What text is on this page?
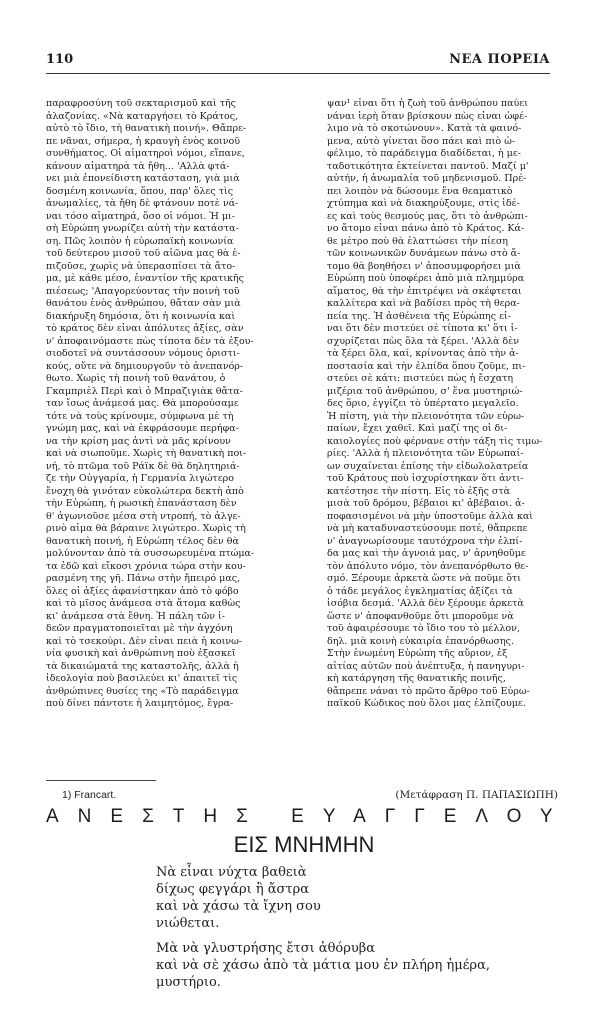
110	ΝΕΑ ΠΟΡΕΙΑ
παραφροσύνη τοῦ σεκταρισμοῦ καὶ τῆς
ἀλαζονίας. «Νὰ καταργήσει τὸ Κράτος,
αὐτὸ τὸ ἴδιο, τὴ θανατικὴ ποινή». Θἄπρε-
πε νᾶναι, σήμερα, ἡ κραυγὴ ἑνὸς κοινοῦ
συνθήματος. Οἱ αἱματηροὶ νόμοι, εἴπανε,
κάνουν αἱματηρὰ τὰ ἤθη... 'Αλλὰ φτά-
νει μιὰ ἐπονείδιστη κατάσταση, γιὰ μιὰ
δοσμένη κοινωνία, ὅπου, παρ' ὅλες τὶς
ἀνωμαλίες, τὰ ἤθη δὲ φτάνουν ποτὲ νά-
ναι τόσο αἱματηρά, ὅσο οἱ νόμοι. Ἡ μι-
σὴ Εὐρώπη γνωρίζει αὐτὴ τὴν κατάστα-
ση. Πῶς λοιπὸν ἡ εὐρωπαϊκὴ κοινωνία
τοῦ δεύτερου μισοῦ τοῦ αἰῶνα μας θὰ ἐ-
πιζοῦσε, χωρὶς νὰ ὑπερασπίσει τὰ ἄτο-
μα, μὲ κάθε μέσο, ἐναντίον τῆς κρατικῆς
πιέσεως; 'Απαγορεύοντας τὴν ποινὴ τοῦ
θανάτου ἑνὸς ἀνθρώπου, θἄταν σὰν μιὰ
διακήρυξη δημόσια, ὅτι ἡ κοινωνία καὶ
τὸ κράτος δὲν εἶναι ἀπόλυτες ἀξίες, σὰν
ν' ἀποφαινόμαστε πὼς τίποτα δὲν τὰ ἐξου-
σιοδοτεῖ νὰ συντάσσουν νόμους ὁριστι-
κούς, οὔτε νὰ δημιουργοῦν τὸ ἀνεπανόρ-
θωτο. Χωρὶς τὴ ποινὴ τοῦ θανάτου, ὁ
Γκαμπριὲλ Περὶ καὶ ὁ Μπραζιγιὰκ θἄτα-
ταν ἴσως ἀνάμεσά μας. Θὰ μπορούσαμε
τότε νὰ τοὺς κρίνουμε, σύμφωνα μὲ τὴ
γνώμη μας, καὶ νὰ ἐκφράσουμε περήφα-
να τὴν κρίση μας ἀντὶ νὰ μᾶς κρίνουν
καὶ νὰ σιωποῦμε. Χωρὶς τὴ θανατικὴ ποι-
νή, τὸ πτῶμα τοῦ Ράϊκ δὲ θὰ δηλητηριά-
ζε τὴν Οὐγγαρία, ἡ Γερμανία λιγώτερο
ἔνοχη θὰ γινόταν εὐκολώτερα δεκτὴ ἀπὸ
τὴν Εὐρώπη, ἡ ρωσικὴ ἐπανάσταση δὲν
θ' ἀγωνιοῦσε μέσα στὴ ντροπή, τὸ ἀλγε-
ρινὸ αἷμα θὰ βάραινε λιγώτερο. Χωρὶς τὴ
θανατικὴ ποινή, ἡ Εὐρώπη τέλος δὲν θὰ
μολύνονταν ἀπὸ τὰ συσσωρευμένα πτώμα-
τα ἐδῶ καὶ εἴκοσι χρόνια τώρα στὴν κου-
ρασμένη της γῆ. Πάνω στὴν ἤπειρό μας,
ὅλες οἱ ἀξίες ἀφανίστηκαν ἀπὸ τὸ φόβο
καὶ τὸ μῖσος ἀνάμεσα στὰ ἄτομα καθὼς
κι' ἀνάμεσα στὰ ἔθνη. Ἡ πάλη τῶν ἰ-
δεῶν πραγματοποιεῖται μὲ τὴν ἀγχόνη
καὶ τὸ τσεκούρι. Δὲν εἶναι πειὰ ἡ κοινω-
νία φυσικὴ καὶ ἀνθρώπινη ποὺ ἐξασκεῖ
τὰ δικαιώματά της καταστολῆς, ἀλλὰ ἡ
ἰδεολογία ποὺ βασιλεύει κι' ἀπαιτεῖ τὶς
ἀνθρώπινες θυσίες της «Τὸ παράδειγμα
ποὺ δίνει πάντοτε ἡ λαιμητόμος, ἔγρα-
ψαν¹ εἶναι ὅτι ἡ ζωὴ τοῦ ἀνθρώπου παύει
νάναι ἱερὴ ὅταν βρίσκουν πὼς εἶναι ὠφέ-
λιμο νὰ τὸ σκοτώνουν». Κατὰ τὰ φαινό-
μενα, αὐτὸ γίνεται ὅσο πάει καὶ πιὸ ὠ-
φέλιμο, τὸ παράδειγμα διαδίδεται, ἡ με-
ταδοτικότητα ἐκτείνεται παντοῦ. Μαζί μ'
αὐτήν, ἡ ἀνωμαλία τοῦ μηδενισμοῦ. Πρέ-
πει λοιπὸν νὰ δώσουμε ἕνα θεαματικὸ
χτύπημα καὶ νὰ διακηρύξουμε, στὶς ἰδέ-
ες καὶ τοὺς θεσμούς μας, ὅτι τὸ ἀνθρώπι-
νο ἄτομο εἶναι πάνω ἀπὸ τὸ Κράτος. Κά-
θε μέτρο ποὺ θὰ ἐλαττώσει τὴν πίεση
τῶν κοινωνικῶν δυνάμεων πάνω στὸ ἄ-
τομο θὰ βοηθήσει ν' ἀποσυμφορήσει μιὰ
Εὐρώπη ποὺ ὑποφέρει ἀπὸ μιὰ πλημμύρα
αἵματος, θὰ τὴν ἐπιτρέψει νὰ σκέφτεται
καλλίτερα καὶ νὰ βαδίσει πρὸς τὴ θερα-
πεία της. Ἡ ἀσθένεια τῆς Εὐρώπης εἶ-
ναι ὅτι δὲν πιστεύει σὲ τίποτα κι' ὅτι ἰ-
σχυρίζεται πὼς ὅλα τὰ ξέρει. 'Αλλὰ δὲν
τὰ ξέρει ὅλα, καί, κρίνοντας ἀπὸ τὴν ἀ-
ποστασία καὶ τὴν ἐλπίδα ὅπου ζοῦμε, πι-
στεύει σὲ κάτι: πιστεύει πὼς ἡ ἔσχατη
μιζέρια τοῦ ἀνθρώπου, σ' ἕνα μυστηριώ-
δες ὅριο, ἐγγίζει τὸ ὑπέρτατο μεγαλεῖο.
Ἡ πίστη, γιὰ τὴν πλειονότητα τῶν εὐρω-
παίων, ἔχει χαθεῖ. Καὶ μαζί της οἱ δι-
καιολογίες ποὺ φέρνανε στὴν τάξη τὶς τιμω-
ρίες. 'Αλλὰ ἡ πλειονότητα τῶν Εὐρωπαί-
ων συχαίνεται ἐπίσης τὴν εἰδωλολατρεία
τοῦ Κράτους ποὺ ἰσχυρίστηκαν ὅτι ἀντι-
κατέστησε τὴν πίστη. Εἶς τὸ ἑξῆς στὰ
μισὰ τοῦ δρόμου, βέβαιοι κι' ἀβέβαιοι. ἀ-
ποφασισμένοι νὰ μὴν ὑποστοῦμε ἀλλὰ καὶ
νὰ μὴ καταδυναστεύσουμε ποτέ, θἄπρεπε
ν' ἀναγνωρίσουμε ταυτόχρονα τὴν ἐλπί-
δα μας καὶ τὴν ἀγνοιά μας, ν' ἀρνηθοῦμε
τὸν ἀπόλυτο νόμο, τὸν ἀνεπανόρθωτο θε-
σμό. Ξέρουμε ἀρκετὰ ὥστε νὰ ποῦμε ὅτι
ὁ τάδε μεγάλος ἐγκληματίας ἀξίζει τὰ
ἰσόβια δεσμά. 'Αλλὰ δὲν ξέρουμε ἀρκετὰ
ὥστε ν' ἀποφανθοῦμε ὅτι μποροῦμε νὰ
τοῦ ἀφαιρέσουμε τὸ ἴδιο του τὸ μέλλον,
δηλ. μιὰ κοινὴ εὐκαιρία ἐπανόρθωσης.
Στὴν ἑνωμένη Εὐρώπη τῆς αὔριον, ἐξ
αἰτίας αὐτῶν ποὺ ἀνέπτυξα, ἡ πανηγυρι-
κὴ κατάργηση τῆς θανατικῆς ποινῆς,
θἄπρεπε νάναι τὸ πρῶτο ἄρθρο τοῦ Εὐρω-
παϊκοῦ Κώδικος ποὺ ὅλοι μας ἐλπίζουμε.
1) Francart.	(Μετάφραση Π. ΠΑΠΑΣΙΩΠΗ)
ΑΝΕΣΤΗΣ ΕΥΑΓΓΕΛΟΥ
ΕΙΣ ΜΝΗΜΗΝ
Νὰ εἶναι νύχτα βαθειὰ
δίχως φεγγάρι ἢ ἄστρα
καὶ νὰ χάσω τὰ ἴχνη σου
νιώθεται.
Μὰ νὰ γλυστρήσης ἔτσι ἀθόρυβα
καὶ νὰ σὲ χάσω ἀπὸ τὰ μάτια μου ἐν πλήρη ἡμέρα,
μυστήριο.
